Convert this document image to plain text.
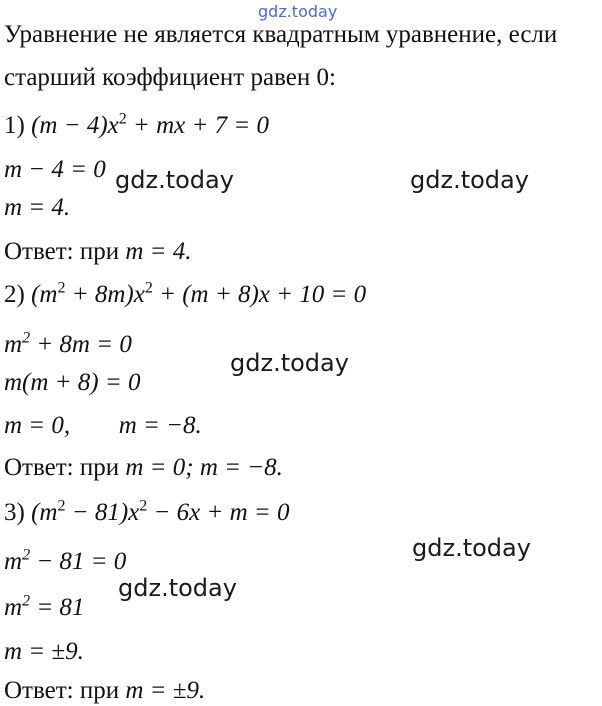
gdz.today
Уравнение не является квадратным уравнение, если
старший коэффициент равен 0:
1) $(m - 4)x^2$ + mx + 7 = 0
m − 4 = 0
m = 4.
Ответ: при m = 4.
2) $(m^2 + 8m)x^2 + (m + 8)x + 10 = 0$
$m^2 + 8m = 0$
m(m + 8) = 0
m = 0, m = −8.
Ответ: при m = 0; m = −8.
3) $(m^2 - 81)x^2 - 6x + m = 0$
$m^2 - 81 = 0$
$m^2 = 81$
m = ±9.
Ответ: при m = ±9.
gdz.today	gdz.today
gdz.today
gdz.today
gdz.today
